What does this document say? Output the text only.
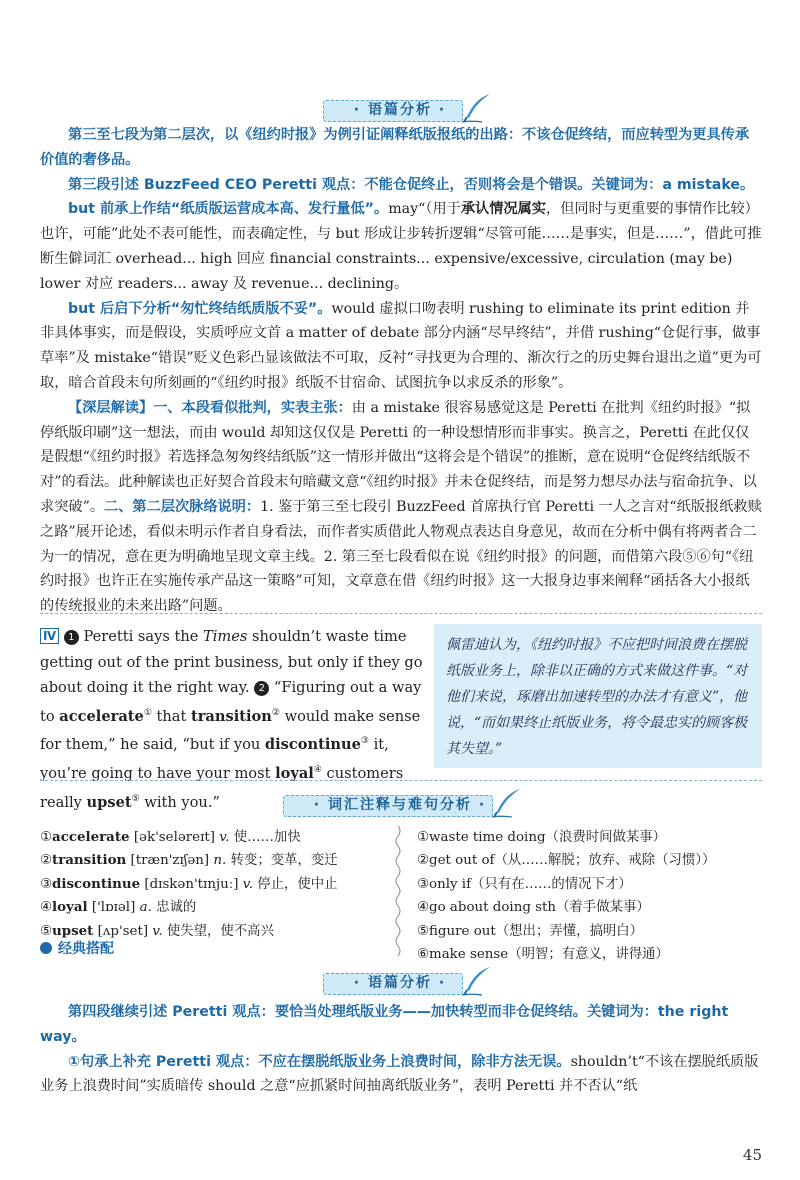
· 语篇分析 ·

第三至七段为第二层次，以《纽约时报》为例引证阐释纸版报纸的出路：不该仓促终结，而应转型为更具传承价值的奢侈品。

第三段引述 BuzzFeed CEO Peretti 观点：不能仓促终止，否则将会是个错误。关键词为：a mistake。

but 前承上作结“纸质版运营成本高、发行量低”。may“（用于承认情况属实，但同时与更重要的事情作比较）也许，可能”此处不表可能性，而表确定性，与 but 形成让步转折逻辑“尽管可能……是事实，但是……”，借此可推断生僻词汇 overhead... high 回应 financial constraints... expensive/excessive, circulation (may be) lower 对应 readers... away 及 revenue... declining。

but 后启下分析“匆忙终结纸质版不妥”。would 虚拟口吻表明 rushing to eliminate its print edition 并非具体事实，而是假设，实质呼应文首 a matter of debate 部分内涵“尽早终结”，并借 rushing“仓促行事，做事草率”及 mistake“错误”贬义色彩凸显该做法不可取，反衬“寻找更为合理的、渐次行之的历史舞台退出之道”更为可取，暗合首段末句所刻画的“《纽约时报》纸版不甘宿命、试图抗争以求反杀的形象”。

【深层解读】一、本段看似批判，实表主张：由 a mistake 很容易感觉这是 Peretti 在批判《纽约时报》“拟停纸版印刷”这一想法，而由 would 却知这仅仅是 Peretti 的一种设想情形而非事实。换言之，Peretti 在此仅仅是假想“《纽约时报》若选择急匆匆终结纸版”这一情形并做出“这将会是个错误”的推断，意在说明“仓促终结纸版不对”的看法。此种解读也正好契合首段末句暗藏文意“《纽约时报》并未仓促终结，而是努力想尽办法与宿命抗争、以求突破”。二、第二层次脉络说明：1. 鉴于第三至七段引 BuzzFeed 首席执行官 Peretti 一人之言对“纸版报纸救赎之路”展开论述，看似未明示作者自身看法，而作者实质借此人物观点表达自身意见，故而在分析中偶有将两者合二为一的情况，意在更为明确地呈现文章主线。2. 第三至七段看似在说《纽约时报》的问题，而借第六段⑤⑥句“《纽约时报》也许正在实施传承产品这一策略”可知，文章意在借《纽约时报》这一大报身边事来阐释“函括各大小报纸的传统报业的未来出路”问题。

Ⅳ 1 Peretti says the Times shouldn’t waste time getting out of the print business, but only if they go about doing it the right way. 2 “Figuring out a way to accelerate① that transition② would make sense for them,” he said, “but if you discontinue③ it, you’re going to have your most loyal④ customers really upset⑤ with you.”
佩雷迪认为，《纽约时报》不应把时间浪费在摆脱纸版业务上，除非以正确的方式来做这件事。“对他们来说，琢磨出加速转型的办法才有意义”，他说，“而如果终止纸版业务，将令最忠实的顾客极其失望。”
· 词汇注释与难句分析 ·
①accelerate [ək'seləreɪt] v. 使……加快
②transition [træn'zɪʃən] n. 转变；变革，变迁
③discontinue [dɪskən'tɪnjuː] v. 停止，使中止
④loyal ['lɒɪəl] a. 忠诚的
⑤upset [ʌp'set] v. 使失望，使不高兴
①waste time doing（浪费时间做某事）
②get out of（从……解脱；放弃、戒除（习惯））
③only if（只有在……的情况下才）
④go about doing sth（着手做某事）
⑤figure out（想出；弄懂，搞明白）
⑥make sense（明智；有意义，讲得通）
经典搭配
· 语篇分析 ·

第四段继续引述 Peretti 观点：要恰当处理纸版业务——加快转型而非仓促终结。关键词为：the right way。

①句承上补充 Peretti 观点：不应在摆脱纸版业务上浪费时间，除非方法无误。shouldn’t“不该在摆脱纸质版业务上浪费时间”实质暗传 should 之意“应抓紧时间抽离纸版业务”，表明 Peretti 并不否认“纸

45
